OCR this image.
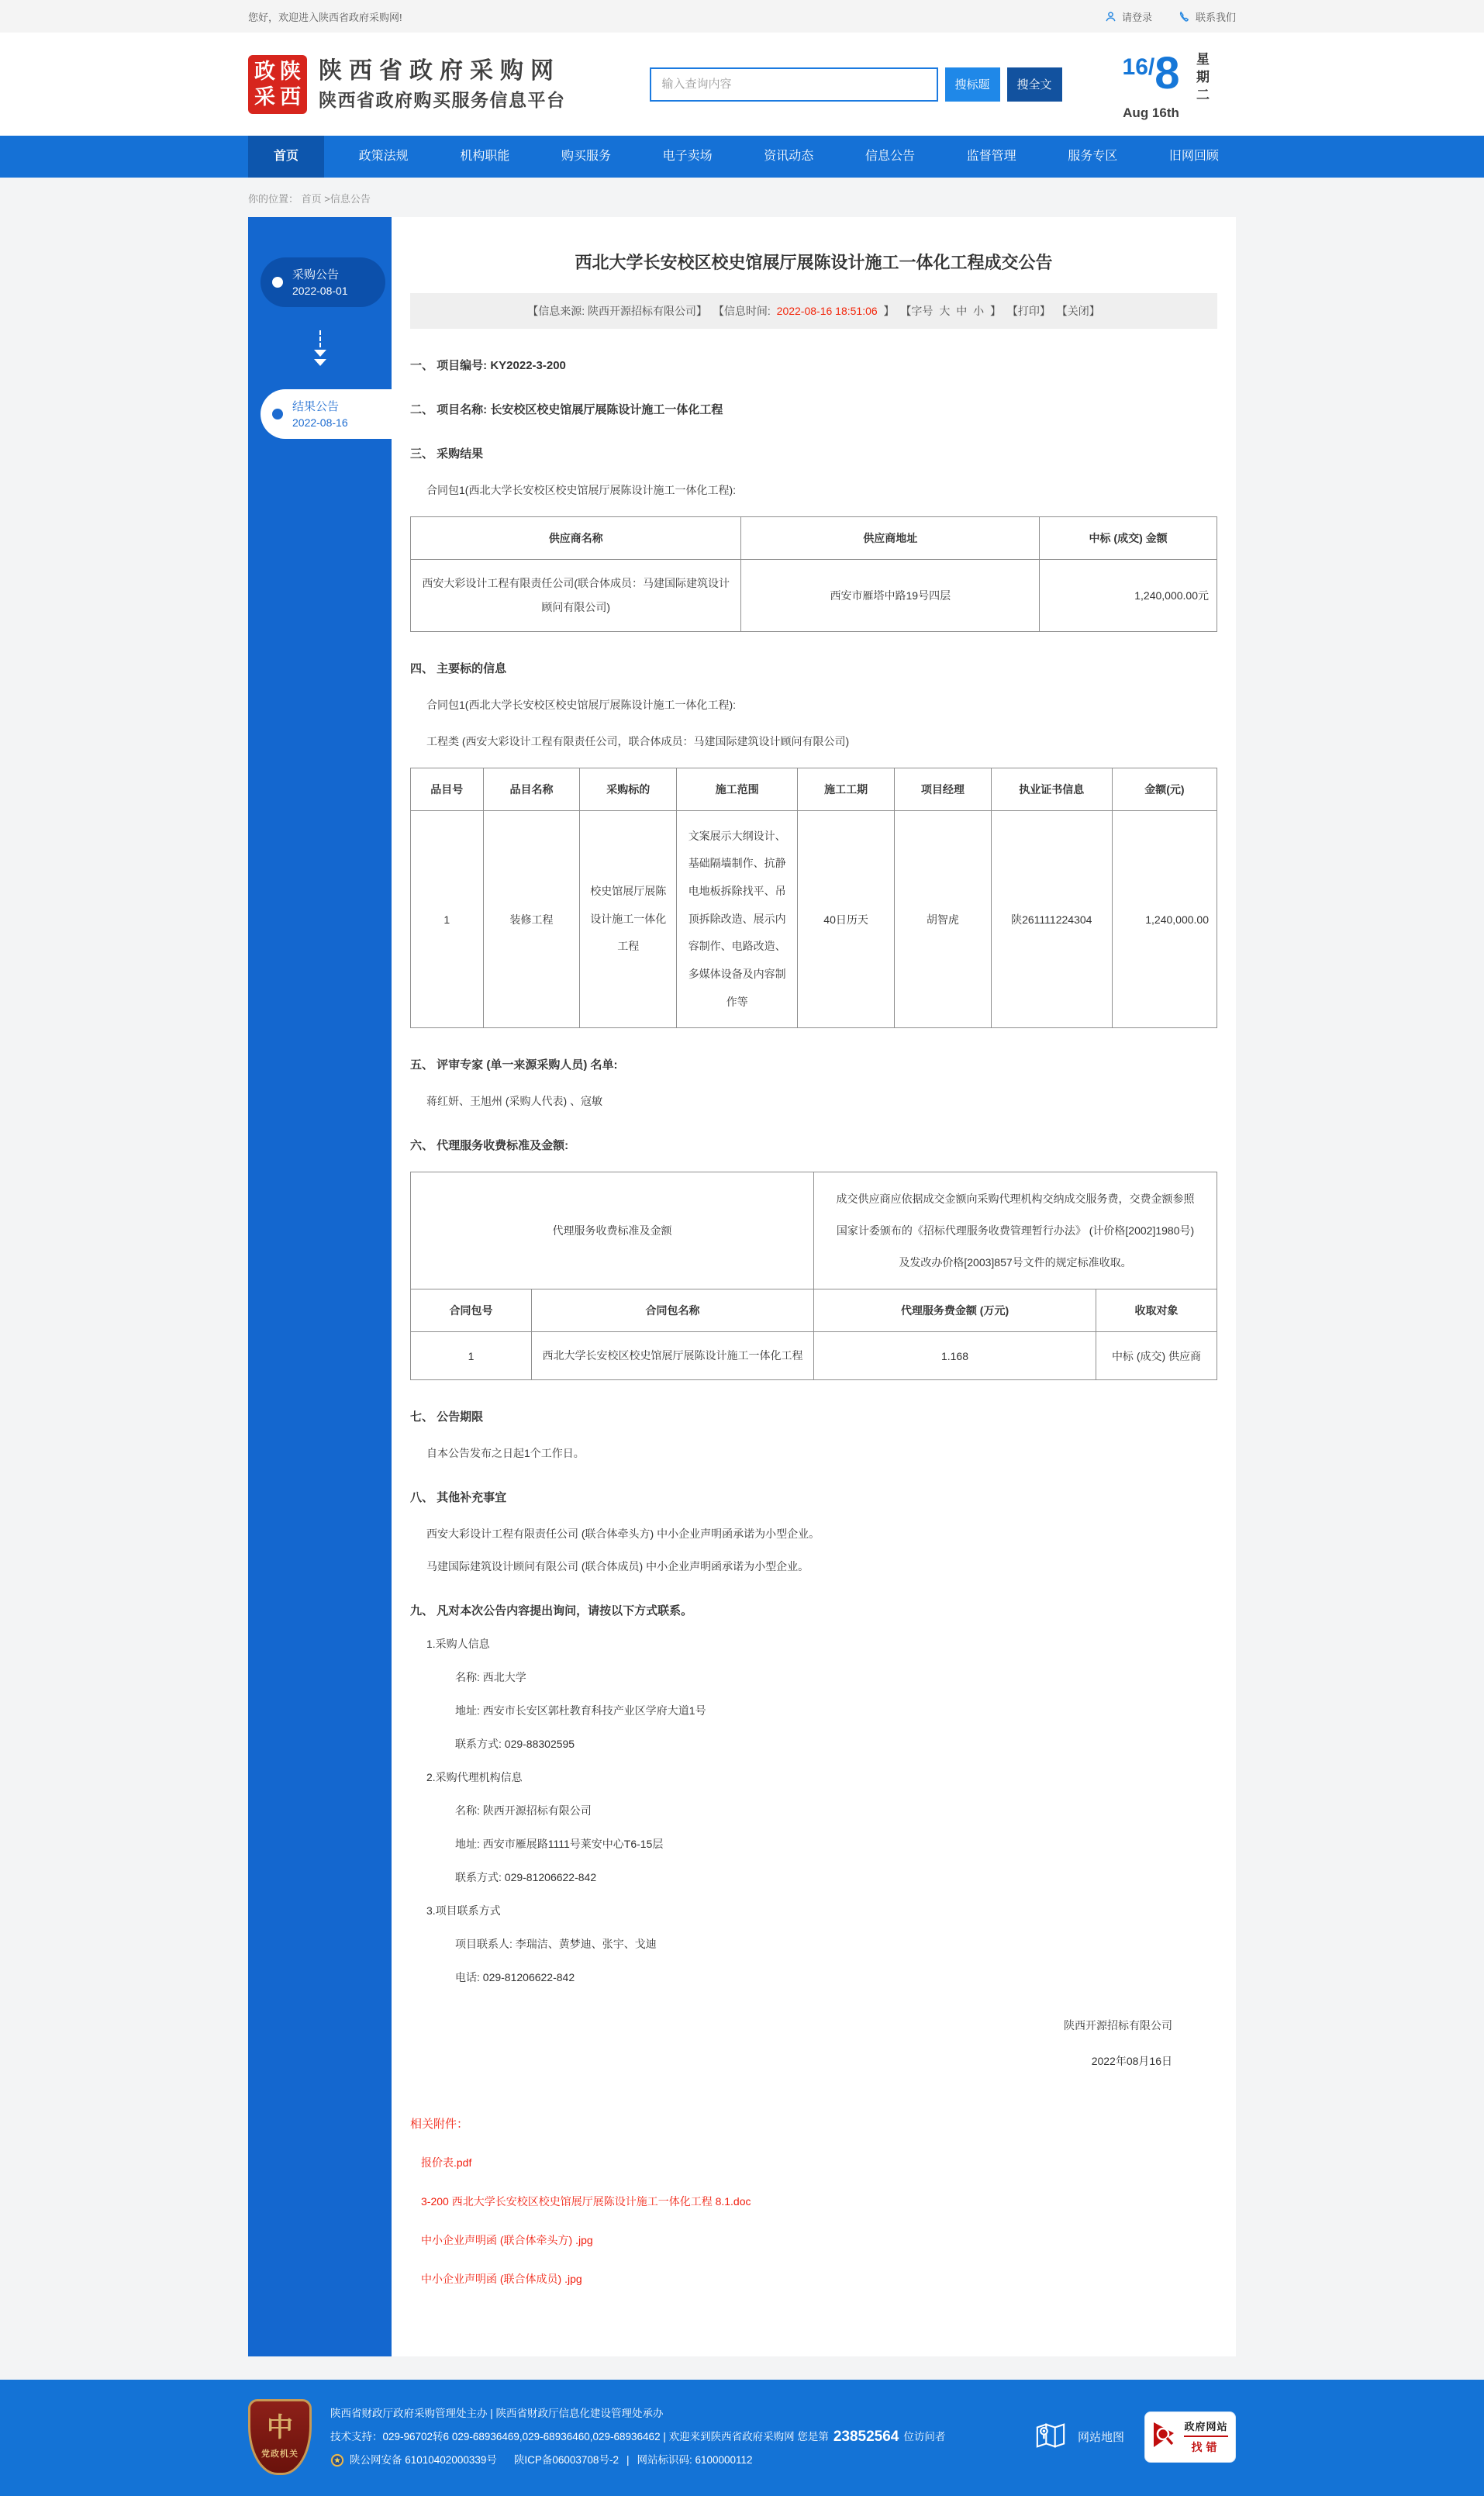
您好，欢迎进入陕西省政府采购网!	请登录	联系我们
政 陕
采 西
陕西省政府采购网
陕西省政府购买服务信息平台
输入查询内容
搜标题	搜全文
16/8
Aug 16th
星
期
二
首页	政策法规	机构职能	购买服务	电子卖场	资讯动态	信息公告	监督管理	服务专区	旧网回顾
你的位置： 首页 >信息公告
采购公告
2022-08-01
结果公告
2022-08-16
西北大学长安校区校史馆展厅展陈设计施工一体化工程成交公告
【信息来源: 陕西开源招标有限公司】 【信息时间: 2022-08-16 18:51:06 】 【字号 大 中 小 】 【打印】 【关闭】
一、 项目编号: KY2022-3-200
二、 项目名称: 长安校区校史馆展厅展陈设计施工一体化工程
三、 采购结果
合同包1(西北大学长安校区校史馆展厅展陈设计施工一体化工程):
供应商名称	供应商地址	中标 (成交) 金额
西安大彩设计工程有限责任公司(联合体成员：马建国际建筑设计顾问有限公司)	西安市雁塔中路19号四层	1,240,000.00元
四、 主要标的信息
合同包1(西北大学长安校区校史馆展厅展陈设计施工一体化工程):
工程类 (西安大彩设计工程有限责任公司，联合体成员：马建国际建筑设计顾问有限公司)
品目号	品目名称	采购标的	施工范围	施工工期	项目经理	执业证书信息	金额(元)
1	装修工程	校史馆展厅展陈设计施工一体化工程	文案展示大纲设计、基础隔墙制作、抗静电地板拆除找平、吊顶拆除改造、展示内容制作、电路改造、多媒体设备及内容制作等	40日历天	胡智虎	陕261111224304	1,240,000.00
五、 评审专家 (单一来源采购人员) 名单:
蒋红妍、王旭州 (采购人代表) 、寇敏
六、 代理服务收费标准及金额:
代理服务收费标准及金额		成交供应商应依据成交金额向采购代理机构交纳成交服务费，交费金额参照国家计委颁布的《招标代理服务收费管理暂行办法》 (计价格[2002]1980号) 及发改办价格[2003]857号文件的规定标准收取。	
合同包号	合同包名称	代理服务费金额 (万元)	收取对象
1	西北大学长安校区校史馆展厅展陈设计施工一体化工程	1.168	中标 (成交) 供应商
七、 公告期限
自本公告发布之日起1个工作日。
八、 其他补充事宜
西安大彩设计工程有限责任公司 (联合体牵头方) 中小企业声明函承诺为小型企业。
马建国际建筑设计顾问有限公司 (联合体成员) 中小企业声明函承诺为小型企业。
九、 凡对本次公告内容提出询问，请按以下方式联系。
1.采购人信息
名称: 西北大学
地址: 西安市长安区郭杜教育科技产业区学府大道1号
联系方式: 029-88302595
2.采购代理机构信息
名称: 陕西开源招标有限公司
地址: 西安市雁展路1111号莱安中心T6-15层
联系方式: 029-81206622-842
3.项目联系方式
项目联系人: 李瑞洁、黄梦迪、张宇、戈迪
电话: 029-81206622-842
陕西开源招标有限公司
2022年08月16日
相关附件：
报价表.pdf
3-200 西北大学长安校区校史馆展厅展陈设计施工一体化工程 8.1.doc
中小企业声明函 (联合体牵头方) .jpg
中小企业声明函 (联合体成员) .jpg
中
党政机关
陕西省财政厅政府采购管理处主办 | 陕西省财政厅信息化建设管理处承办
技术支持：029-96702转6 029-68936469,029-68936460,029-68936462 | 欢迎来到陕西省政府采购网 您是第 23852564 位访问者
陕公网安备 61010402000339号 陕ICP备06003708号-2 | 网站标识码: 6100000112
网站地图
政府网站
找错
